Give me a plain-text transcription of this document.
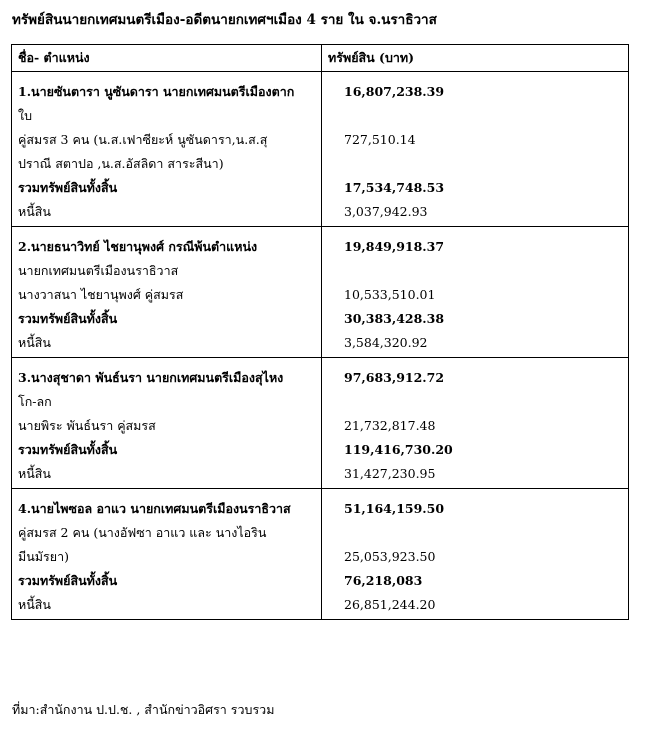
ทรัพย์สินนายกเทศมนตรีเมือง-อดีตนายกเทศฯเมือง 4 ราย ใน จ.นราธิวาส
ชื่อ- ตำแหน่ง	ทรัพย์สิน (บาท)
1.นายซันตารา นูซันดารา นายกเทศมนตรีเมืองตาก	16,807,238.39
ใบ	
คู่สมรส 3 คน (น.ส.เฟาซียะห์ นูซันดารา,น.ส.สุ	727,510.14
ปราณี สตาปอ ,น.ส.อัสลิดา สาระสีนา)	
รวมทรัพย์สินทั้งสิ้น	17,534,748.53
หนี้สิน	3,037,942.93
2.นายธนาวิทย์ ไชยานุพงศ์ กรณีพ้นตำแหน่ง	19,849,918.37
นายกเทศมนตรีเมืองนราธิวาส	
นางวาสนา ไชยานุพงศ์ คู่สมรส	10,533,510.01
รวมทรัพย์สินทั้งสิ้น	30,383,428.38
หนี้สิน	3,584,320.92
3.นางสุชาดา พันธ์นรา นายกเทศมนตรีเมืองสุไหง	97,683,912.72
โก-ลก	
นายพิระ พันธ์นรา คู่สมรส	21,732,817.48
รวมทรัพย์สินทั้งสิ้น	119,416,730.20
หนี้สิน	31,427,230.95
4.นายไพซอล อาแว นายกเทศมนตรีเมืองนราธิวาส	51,164,159.50
คู่สมรส 2 คน (นางอัฟซา อาแว และ นางไอริน	
มีนมัรยา)	25,053,923.50
รวมทรัพย์สินทั้งสิ้น	76,218,083
หนี้สิน	26,851,244.20
ที่มา:สำนักงาน ป.ป.ช. , สำนักข่าวอิศรา รวบรวม
